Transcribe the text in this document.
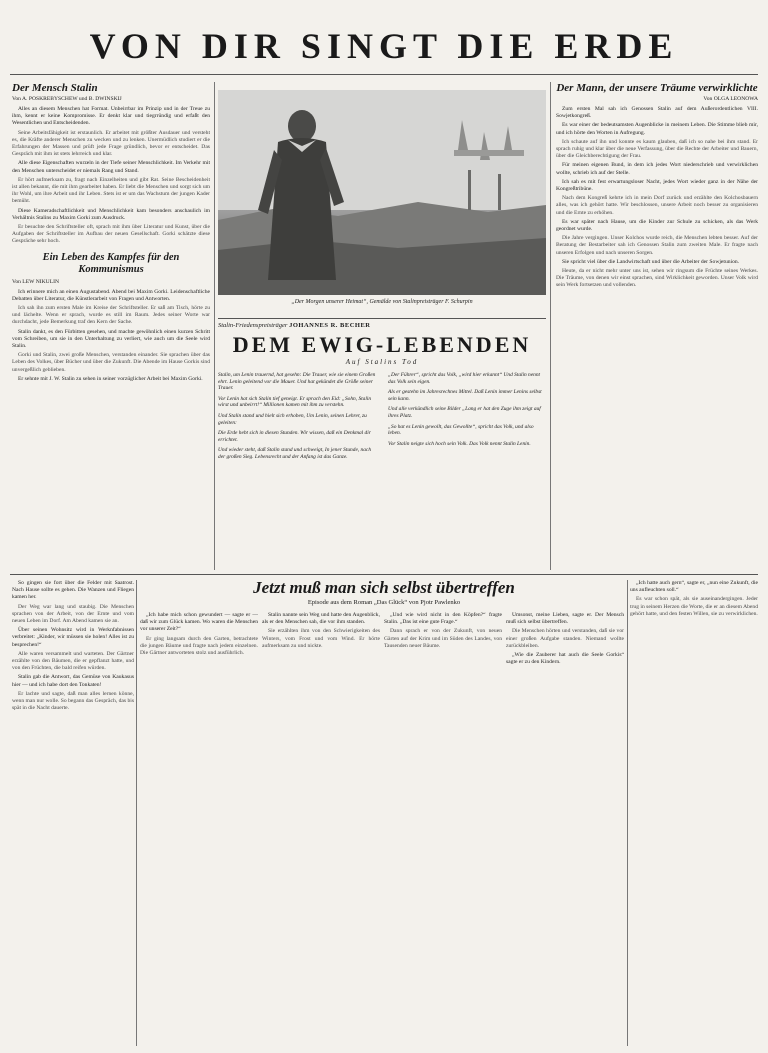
VON DIR SINGT DIE ERDE
Der Mensch Stalin
Von A. POSKREBYSCHEW und B. DWINSKIJ

Alles an diesem Menschen hat Format. Unbeirrbar im Prinzip und in der Treue zu ihm, kennt er keine Kompromisse. Er denkt klar und tiegrründig und erfaßt den Wesentlichen und Entscheidenden.

Seine Arbeitsfähigkeit ist erstaunlich. Er arbeitet mit größter Ausdauer und versteht es, die Kräfte anderer Menschen zu wecken und zu lenken. Unermüdlich studiert er die Erfahrungen der Massen und prüft jede Frage gründlich, bevor er entscheidet. Das Gespräch mit ihm ist stets lehrreich und klar.

Alle diese Eigenschaften wurzeln in der Tiefe seiner Menschlichkeit. Im Verkehr mit den Menschen unterscheidet er niemals Rang und Stand.

Er hört aufmerksam zu, fragt nach Einzelheiten und gibt Rat. Seine Bescheidenheit ist allen bekannt, die mit ihm gearbeitet haben. Er liebt die Menschen und sorgt sich um ihr Wohl, um ihre Arbeit und ihr Leben. Stets ist er um das Wachstum der jungen Kader bemüht.

Diese Kameradschaftlichkeit und Menschlichkeit kam besonders anschaulich im Verhältnis Stalins zu Maxim Gorki zum Ausdruck.

Er besuchte den Schriftsteller oft, sprach mit ihm über Literatur und Kunst, über die Aufgaben der Schriftsteller im Aufbau der neuen Gesellschaft. Gorki schätzte diese Gespräche sehr hoch.

Ein Leben des Kampfes für den Kommunismus
Von LEW NIKULIN

Ich erinnere mich an einen Augustabend. Abend bei Maxim Gorki. Leidenschaftliche Debatten über Literatur, die Künstlerarbeit von Fragen und Antworten.

Ich sah ihn zum ersten Male im Kreise der Schriftsteller. Er saß am Tisch, hörte zu und lächelte. Wenn er sprach, wurde es still im Raum. Jedes seiner Worte war durchdacht, jede Bemerkung traf den Kern der Sache.

Stalin dankt, es den Fürbitten gesehen, und machte gewöhnlich einen kurzen Schritt vom Schreiben, um sie in den Unterhaltung zu verliert, wie auch um die Seele wird Stalin.

Gorki und Stalin, zwei große Menschen, verstanden einander. Sie sprachen über das Leben des Volkes, über Bücher und über die Zukunft. Die Abende im Hause Gorkis sind unvergeßlich geblieben.

Er sehnte mit J. W. Stalin zu sehen in seiner vorzüglicher Arbeit bei Maxim Gorki.

„Der Morgen unserer Heimat“, Gemälde von Stalinpreisträger F. Schurpin
Stalin-Friedenspreisträger JOHANNES R. BECHER
DEM EWIG-LEBENDEN
Auf Stalins Tod

Stalin, um Lenin trauernd, hat gesehn: Die Trauer, wie sie einem Großen ehrt. Lenin geleitend vor die Mauer. Und hat gekündet die Größe seiner Trauer.

Vor Lenin hat sich Stalin tief geneigt. Er sprach den Eid: „Sohn, Stalin wirst und unbeirrt!“ Millionen kamen mit ihm zu verstehn.

Und Stalin stand und hielt sich erhoben, Um Lenin, seinen Lehrer, zu geleiten:

Die Erde hebt sich in diesen Stunden. Wir wissen, daß ein Denkmal dir errichtet.

Und wieder steht, daß Stalin stand und schweigt, In jener Stunde, nach der großen Sieg. Lebensrecht und der Anfang ist das Ganze.

„Der Führer“, spricht das Volk, „wird hier erkannt“ Und Stalin nennt das Volk sein eigen.

Als er gestehn im Jahresrechnes Mittel. Daß Lenin immer Lenins selbst sein kann.

Und alle verkündlich seine Bilder „Lang er hat den Zuge ihm zeigt auf ihres Platz.

„So hat es Lenin gewollt, das Gewollte“, spricht das Volk, und also leben.

Vor Stalin neigte sich hoch sein Volk. Das Volk nennt Stalin Lenin.

Der Mann, der unsere Träume verwirklichte
Von OLGA LEONOWA

Zum ersten Mal sah ich Genossen Stalin auf dem Außerordentlichen VIII. Sowjetkongreß.

Es war einer der bedeutsamsten Augenblicke in meinem Leben. Die Stimme blieb mir, und ich hörte den Worten in Aufregung.

Ich schaute auf ihn und konnte es kaum glauben, daß ich so nahe bei ihm stand. Er sprach ruhig und klar über die neue Verfassung, über die Rechte der Arbeiter und Bauern, über die Gleichberechtigung der Frau.

Für meinen eigenen Bund, in dem ich jedes Wort niederschrieb und verwirklichen wollte, schrieb ich auf der Stelle.

Ich sah es mit fest erwartungsloser Nacht, jedes Wort wieder ganz in der Nähe der Kongreßtribüne.

Nach dem Kongreß kehrte ich in mein Dorf zurück und erzählte den Kolchosbauern alles, was ich gehört hatte. Wir beschlossen, unsere Arbeit noch besser zu organisieren und die Ernte zu erhöhen.

Es war später nach Hause, um die Kinder zur Schule zu schicken, als das Werk geordnet wurde.

Die Jahre vergingen. Unser Kolchos wurde reich, die Menschen lebten besser. Auf der Beratung der Bestarbeiter sah ich Genossen Stalin zum zweiten Male. Er fragte nach unseren Erfolgen und nach unseren Sorgen.

Sie spricht viel über die Landwirtschaft und über die Arbeiter der Sowjetunion.

Heute, da er nicht mehr unter uns ist, sehen wir ringsum die Früchte seines Werkes. Die Träume, von denen wir einst sprachen, sind Wirklichkeit geworden. Unser Volk wird sein Werk fortsetzen und vollenden.

Jetzt muß man sich selbst übertreffen
Episode aus dem Roman „Das Glück“ von Pjotr Pawlenko

So gingen sie fort über die Felder mit Saatrost. Nach Hause sollte es gehen. Die Wanzen und Fliegen kamen her.

Der Weg war lang und staubig. Die Menschen sprachen von der Arbeit, von der Ernte und vom neuen Leben im Dorf. Am Abend kamen sie an.

Über seinen Wohnsitz wird in Werknfabnissen verbreitet: „Kinder, wir müssen sie holen! Alles ist zu besprechen!“

Alle waren versammelt und warteten. Der Gärtner erzählte von den Bäumen, die er gepflanzt hatte, und von den Früchten, die bald reifen würden.

Stalin gab die Antwort, das Gemüse von Kaukasus hier — und ich habe dort den Tonkaten!

Er lachte und sagte, daß man alles lernen könne, wenn man nur wolle. So begann das Gespräch, das bis spät in die Nacht dauerte.

„Ich habe mich schon gewundert — sagte er — daß wir zum Glück kamen. Wo waren die Menschen vor unserer Zeit?“

Er ging langsam durch den Garten, betrachtete die jungen Bäume und fragte nach jedem einzelnen. Die Gärtner antworteten stolz und ausführlich.

Stalin nannte sein Weg und hatte den Augenblick, als er den Menschen sah, die vor ihm standen.

Sie erzählten ihm von den Schwierigkeiten des Winters, vom Frost und vom Wind. Er hörte aufmerksam zu und nickte.

„Und wie wird nicht in den Köpfen?“ fragte Stalin. „Das ist eine gute Frage.“

Dann sprach er von der Zukunft, von neuen Gärten auf der Krim und im Süden des Landes, von Tausenden neuer Bäume.

Umsonst, meine Lieben, sagte er. Der Mensch muß sich selbst übertreffen.

Die Menschen hörten und verstanden, daß sie vor einer großen Aufgabe standen. Niemand wollte zurückbleiben.

„Wie die Zauberer hat auch die Seele Gorkis“ sagte er zu den Kindern.

„Ich hatte auch gern“, sagte er, „nun eine Zukunft, die uns aufleuchten soll.“

Es war schon spät, als sie auseinandergingen. Jeder trug in seinem Herzen die Worte, die er an diesem Abend gehört hatte, und den festen Willen, sie zu verwirklichen.
